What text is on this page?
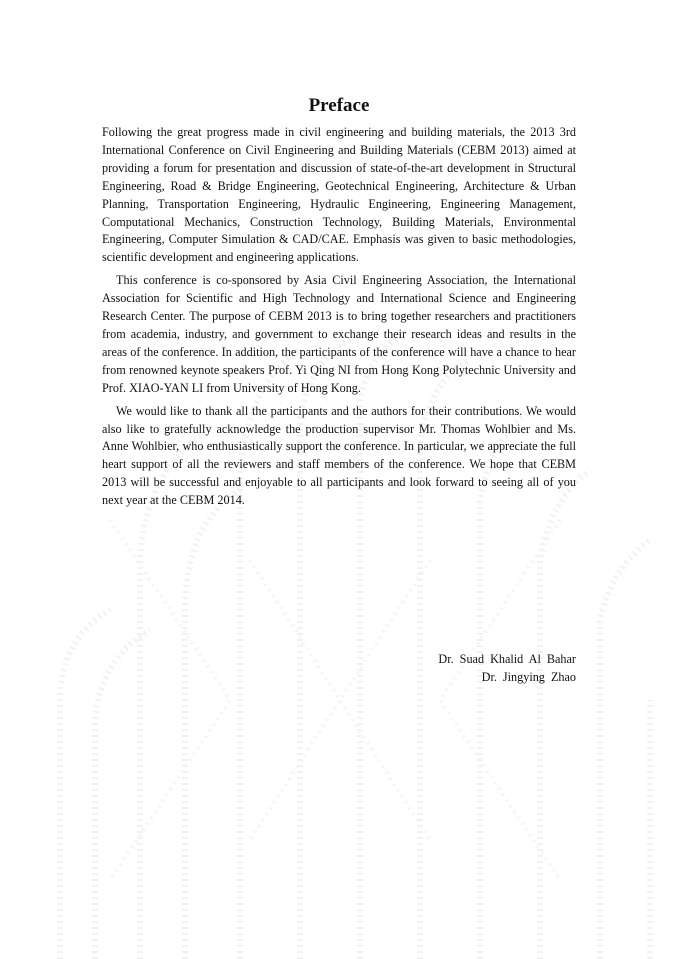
Preface

Following the great progress made in civil engineering and building materials, the 2013 3rd International Conference on Civil Engineering and Building Materials (CEBM 2013) aimed at providing a forum for presentation and discussion of state-of-the-art development in Structural Engineering, Road & Bridge Engineering, Geotechnical Engineering, Architecture & Urban Planning, Transportation Engineering, Hydraulic Engineering, Engineering Management, Computational Mechanics, Construction Technology, Building Materials, Environmental Engineering, Computer Simulation & CAD/CAE. Emphasis was given to basic methodologies, scientific development and engineering applications.

This conference is co-sponsored by Asia Civil Engineering Association, the International Association for Scientific and High Technology and International Science and Engineering Research Center. The purpose of CEBM 2013 is to bring together researchers and practitioners from academia, industry, and government to exchange their research ideas and results in the areas of the conference. In addition, the participants of the conference will have a chance to hear from renowned keynote speakers Prof. Yi Qing NI from Hong Kong Polytechnic University and Prof. XIAO-YAN LI from University of Hong Kong.

We would like to thank all the participants and the authors for their contributions. We would also like to gratefully acknowledge the production supervisor Mr. Thomas Wohlbier and Ms. Anne Wohlbier, who enthusiastically support the conference. In particular, we appreciate the full heart support of all the reviewers and staff members of the conference. We hope that CEBM 2013 will be successful and enjoyable to all participants and look forward to seeing all of you next year at the CEBM 2014.

Dr. Suad Khalid Al Bahar
Dr. Jingying Zhao
